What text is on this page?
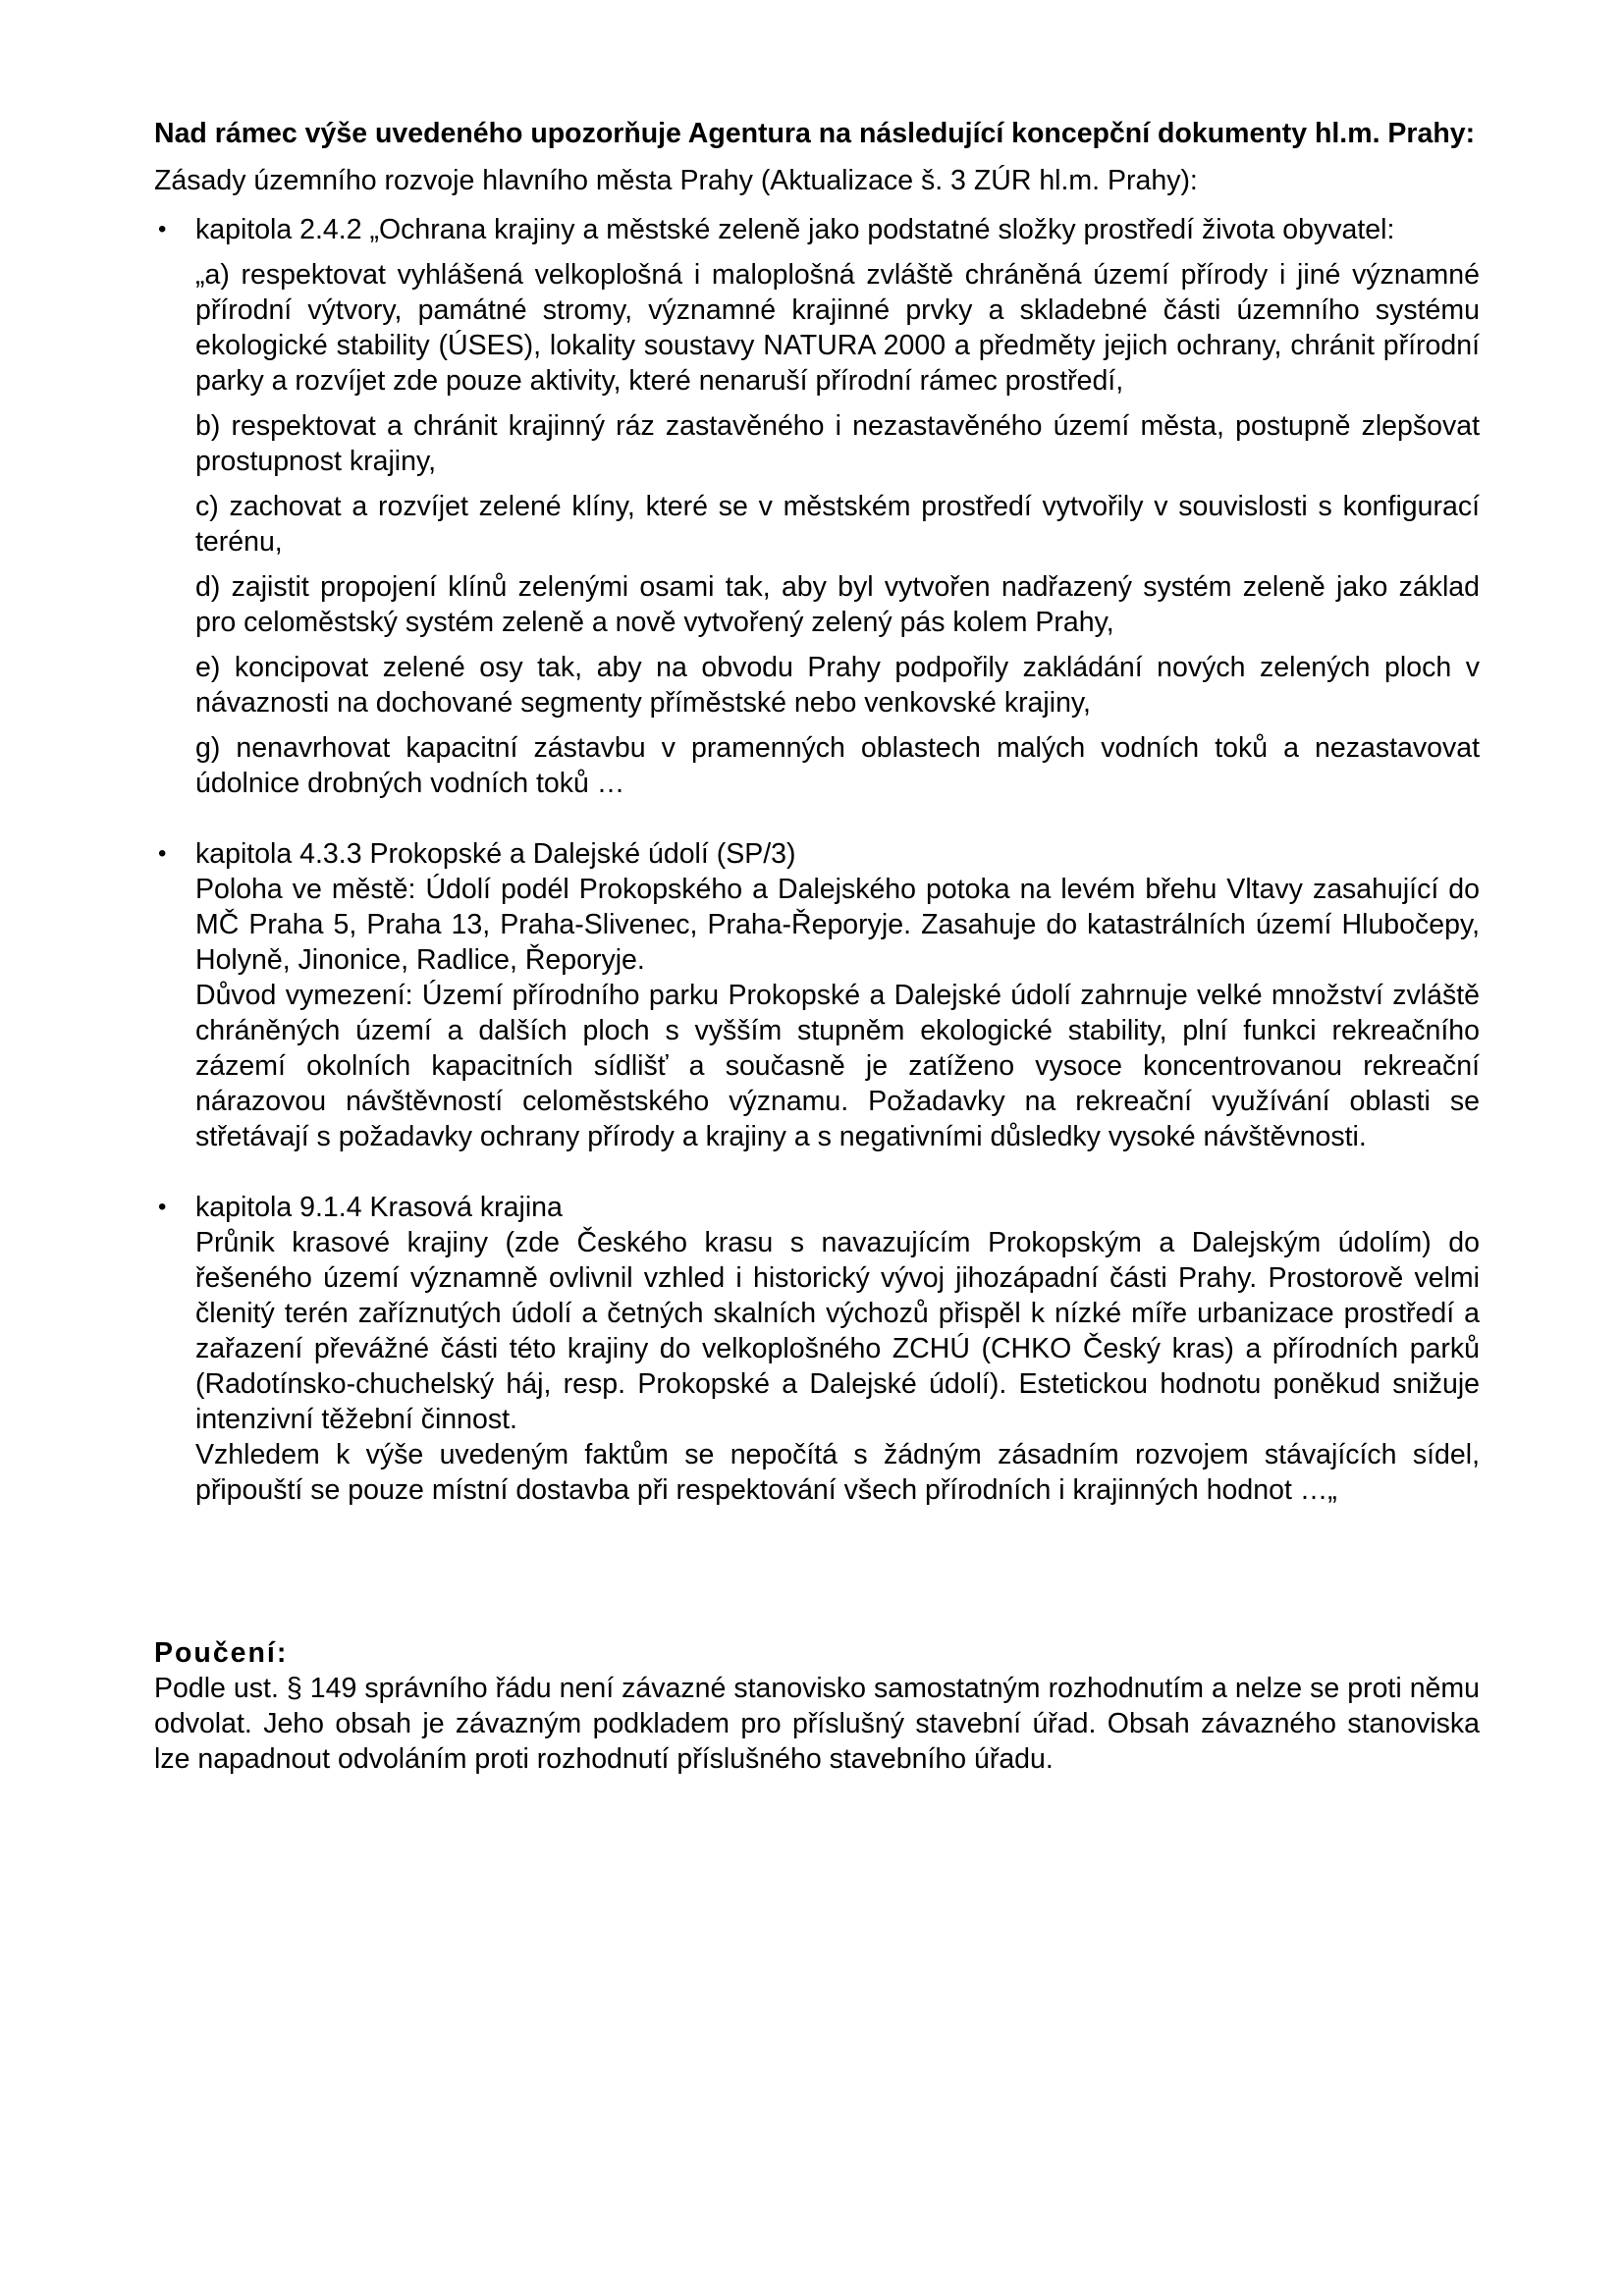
Nad rámec výše uvedeného upozorňuje Agentura na následující koncepční dokumenty hl.m. Prahy:

Zásady územního rozvoje hlavního města Prahy (Aktualizace š. 3 ZÚR hl.m. Prahy):

• kapitola 2.4.2 „Ochrana krajiny a městské zeleně jako podstatné složky prostředí života obyvatel:

„a) respektovat vyhlášená velkoplošná i maloplošná zvláště chráněná území přírody i jiné významné přírodní výtvory, památné stromy, významné krajinné prvky a skladebné části územního systému ekologické stability (ÚSES), lokality soustavy NATURA 2000 a předměty jejich ochrany, chránit přírodní parky a rozvíjet zde pouze aktivity, které nenaruší přírodní rámec prostředí,

b) respektovat a chránit krajinný ráz zastavěného i nezastavěného území města, postupně zlepšovat prostupnost krajiny,

c) zachovat a rozvíjet zelené klíny, které se v městském prostředí vytvořily v souvislosti s konfigurací terénu,

d) zajistit propojení klínů zelenými osami tak, aby byl vytvořen nadřazený systém zeleně jako základ pro celoměstský systém zeleně a nově vytvořený zelený pás kolem Prahy,

e) koncipovat zelené osy tak, aby na obvodu Prahy podpořily zakládání nových zelených ploch v návaznosti na dochované segmenty příměstské nebo venkovské krajiny,

g) nenavrhovat kapacitní zástavbu v pramenných oblastech malých vodních toků a nezastavovat údolnice drobných vodních toků …

• kapitola 4.3.3 Prokopské a Dalejské údolí (SP/3)

Poloha ve městě: Údolí podél Prokopského a Dalejského potoka na levém břehu Vltavy zasahující do MČ Praha 5, Praha 13, Praha-Slivenec, Praha-Řeporyje. Zasahuje do katastrálních území Hlubočepy, Holyně, Jinonice, Radlice, Řeporyje.

Důvod vymezení: Území přírodního parku Prokopské a Dalejské údolí zahrnuje velké množství zvláště chráněných území a dalších ploch s vyšším stupněm ekologické stability, plní funkci rekreačního zázemí okolních kapacitních sídlišť a současně je zatíženo vysoce koncentrovanou rekreační nárazovou návštěvností celoměstského významu. Požadavky na rekreační využívání oblasti se střetávají s požadavky ochrany přírody a krajiny a s negativními důsledky vysoké návštěvnosti.

• kapitola 9.1.4 Krasová krajina

Průnik krasové krajiny (zde Českého krasu s navazujícím Prokopským a Dalejským údolím) do řešeného území významně ovlivnil vzhled i historický vývoj jihozápadní části Prahy. Prostorově velmi členitý terén zaříznutých údolí a četných skalních výchozů přispěl k nízké míře urbanizace prostředí a zařazení převážné části této krajiny do velkoplošného ZCHÚ (CHKO Český kras) a přírodních parků (Radotínsko-chuchelský háj, resp. Prokopské a Dalejské údolí). Estetickou hodnotu poněkud snižuje intenzivní těžební činnost.

Vzhledem k výše uvedeným faktům se nepočítá s žádným zásadním rozvojem stávajících sídel, připouští se pouze místní dostavba při respektování všech přírodních i krajinných hodnot …„

Poučení:

Podle ust. § 149 správního řádu není závazné stanovisko samostatným rozhodnutím a nelze se proti němu odvolat. Jeho obsah je závazným podkladem pro příslušný stavební úřad. Obsah závazného stanoviska lze napadnout odvoláním proti rozhodnutí příslušného stavebního úřadu.
